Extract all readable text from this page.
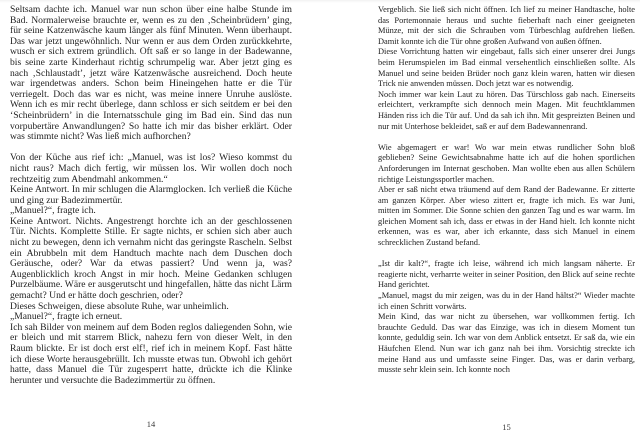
Seltsam dachte ich. Manuel war nun schon über eine halbe Stunde im Bad. Normalerweise brauchte er, wenn es zu den ‚Scheinbrüdern’ ging, für seine Katzenwäsche kaum länger als fünf Minuten. Wenn überhaupt. Das war jetzt ungewöhnlich. Nur wenn er aus dem Orden zurückkehrte, wusch er sich extrem gründlich. Oft saß er so lange in der Badewanne, bis seine zarte Kinderhaut richtig schrumpelig war. Aber jetzt ging es nach ‚Schlaustadt’, jetzt wäre Katzenwäsche ausreichend. Doch heute war irgendetwas anders. Schon beim Hineingehen hatte er die Tür verriegelt. Doch das war es nicht, was meine innere Unruhe auslöste. Wenn ich es mir recht überlege, dann schloss er sich seitdem er bei den ‘Scheinbrüdern’ in die Internatsschule ging im Bad ein. Sind das nun vorpubertäre Anwandlungen? So hatte ich mir das bisher erklärt. Oder was stimmte nicht? Was ließ mich aufhorchen?

Von der Küche aus rief ich: „Manuel, was ist los? Wieso kommst du nicht raus? Mach dich fertig, wir müssen los. Wir wollen doch noch rechtzeitig zum Abendmahl ankommen.“

Keine Antwort. In mir schlugen die Alarmglocken. Ich verließ die Küche und ging zur Badezimmertür.

„Manuel?“, fragte ich.

Keine Antwort. Nichts. Angestrengt horchte ich an der geschlossenen Tür. Nichts. Komplette Stille. Er sagte nichts, er schien sich aber auch nicht zu bewegen, denn ich vernahm nicht das geringste Rascheln. Selbst ein Abrubbeln mit dem Handtuch machte nach dem Duschen doch Geräusche, oder? War da etwas passiert? Und wenn ja, was? Augenblicklich kroch Angst in mir hoch. Meine Gedanken schlugen Purzelbäume. Wäre er ausgerutscht und hingefallen, hätte das nicht Lärm gemacht? Und er hätte doch geschrien, oder?

Dieses Schweigen, diese absolute Ruhe, war unheimlich.

„Manuel?“, fragte ich erneut.

Ich sah Bilder von meinem auf dem Boden reglos daliegenden Sohn, wie er bleich und mit starrem Blick, nahezu fern von dieser Welt, in den Raum blickte. Er ist doch erst elf!, rief ich in meinem Kopf. Fast hätte ich diese Worte herausgebrüllt. Ich musste etwas tun. Obwohl ich gehört hatte, dass Manuel die Tür zugesperrt hatte, drückte ich die Klinke herunter und versuchte die Badezimmertür zu öffnen.

Vergeblich. Sie ließ sich nicht öffnen. Ich lief zu meiner Handtasche, holte das Portemonnaie heraus und suchte fieberhaft nach einer geeigneten Münze, mit der sich die Schrauben vom Türbeschlag aufdrehen ließen. Damit konnte ich die Tür ohne großen Aufwand von außen öffnen.

Diese Vorrichtung hatten wir eingebaut, falls sich einer unserer drei Jungs beim Herumspielen im Bad einmal versehentlich einschließen sollte. Als Manuel und seine beiden Brüder noch ganz klein waren, hatten wir diesen Trick nie anwenden müssen. Doch jetzt war es notwendig.

Noch immer war kein Laut zu hören. Das Türschloss gab nach. Einerseits erleichtert, verkrampfte sich dennoch mein Magen. Mit feuchtklammen Händen riss ich die Tür auf. Und da sah ich ihn. Mit gespreizten Beinen und nur mit Unterhose bekleidet, saß er auf dem Badewannenrand.

Wie abgemagert er war! Wo war mein etwas rundlicher Sohn bloß geblieben? Seine Gewichtsabnahme hatte ich auf die hohen sportlichen Anforderungen im Internat geschoben. Man wollte eben aus allen Schülern richtige Leistungssportler machen.

Aber er saß nicht etwa träumend auf dem Rand der Badewanne. Er zitterte am ganzen Körper. Aber wieso zittert er, fragte ich mich. Es war Juni, mitten im Sommer. Die Sonne schien den ganzen Tag und es war warm. Im gleichen Moment sah ich, dass er etwas in der Hand hielt. Ich konnte nicht erkennen, was es war, aber ich erkannte, dass sich Manuel in einem schrecklichen Zustand befand.

„Ist dir kalt?“, fragte ich leise, während ich mich langsam näherte. Er reagierte nicht, verharrte weiter in seiner Position, den Blick auf seine rechte Hand gerichtet.

„Manuel, magst du mir zeigen, was du in der Hand hältst?“ Wieder machte ich einen Schritt vorwärts.

Mein Kind, das war nicht zu übersehen, war vollkommen fertig. Ich brauchte Geduld. Das war das Einzige, was ich in diesem Moment tun konnte, geduldig sein. Ich war von dem Anblick entsetzt. Er saß da, wie ein Häufchen Elend. Nun war ich ganz nah bei ihm. Vorsichtig streckte ich meine Hand aus und umfasste seine Finger. Das, was er darin verbarg, musste sehr klein sein. Ich konnte noch

14	15
